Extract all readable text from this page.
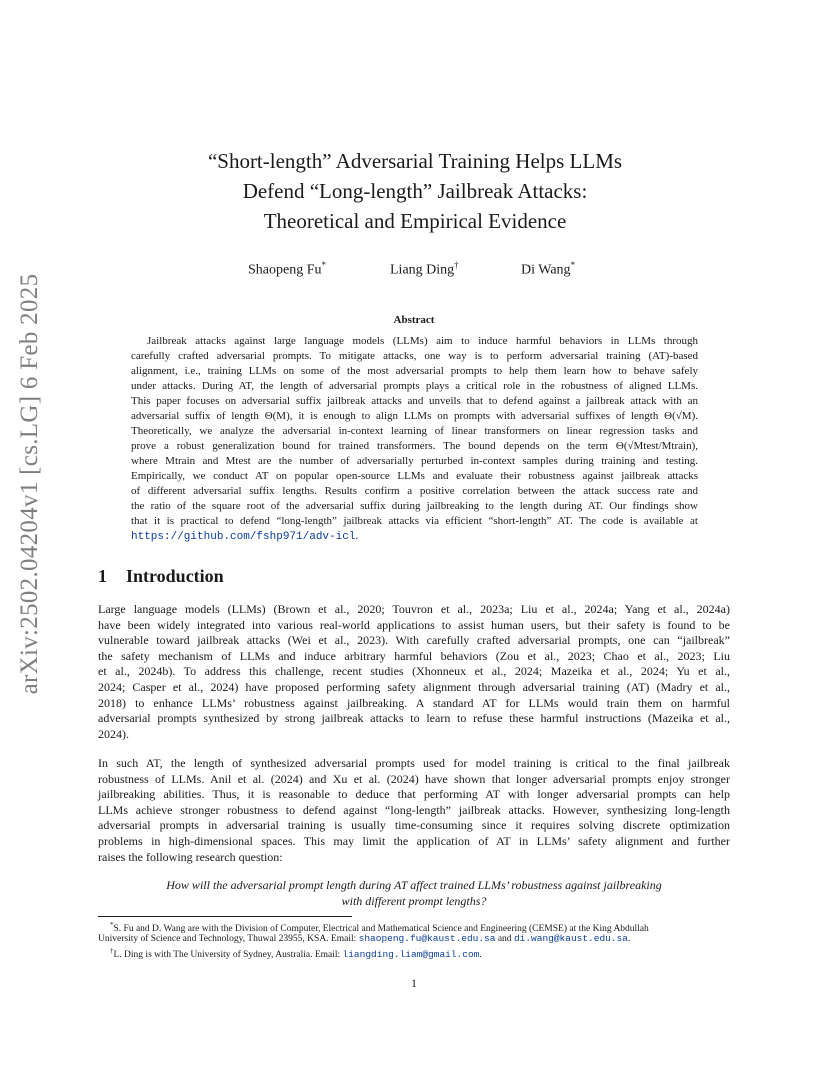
arXiv:2502.04204v1 [cs.LG] 6 Feb 2025
“Short-length” Adversarial Training Helps LLMs
Defend “Long-length” Jailbreak Attacks:
Theoretical and Empirical Evidence
Shaopeng Fu*	Liang Ding†	Di Wang*
Abstract
Jailbreak attacks against large language models (LLMs) aim to induce harmful behaviors in LLMs through
carefully crafted adversarial prompts. To mitigate attacks, one way is to perform adversarial training (AT)-based
alignment, i.e., training LLMs on some of the most adversarial prompts to help them learn how to behave safely
under attacks. During AT, the length of adversarial prompts plays a critical role in the robustness of aligned LLMs.
This paper focuses on adversarial suffix jailbreak attacks and unveils that to defend against a jailbreak attack with an
adversarial suffix of length Θ(M), it is enough to align LLMs on prompts with adversarial suffixes of length Θ(√M).
Theoretically, we analyze the adversarial in-context learning of linear transformers on linear regression tasks and
prove a robust generalization bound for trained transformers. The bound depends on the term Θ(√Mtest/Mtrain),
where Mtrain and Mtest are the number of adversarially perturbed in-context samples during training and testing.
Empirically, we conduct AT on popular open-source LLMs and evaluate their robustness against jailbreak attacks
of different adversarial suffix lengths. Results confirm a positive correlation between the attack success rate and
the ratio of the square root of the adversarial suffix during jailbreaking to the length during AT. Our findings show
that it is practical to defend “long-length” jailbreak attacks via efficient “short-length” AT. The code is available at
https://github.com/fshp971/adv-icl.
1 Introduction
Large language models (LLMs) (Brown et al., 2020; Touvron et al., 2023a; Liu et al., 2024a; Yang et al., 2024a)
have been widely integrated into various real-world applications to assist human users, but their safety is found to be
vulnerable toward jailbreak attacks (Wei et al., 2023). With carefully crafted adversarial prompts, one can “jailbreak”
the safety mechanism of LLMs and induce arbitrary harmful behaviors (Zou et al., 2023; Chao et al., 2023; Liu
et al., 2024b). To address this challenge, recent studies (Xhonneux et al., 2024; Mazeika et al., 2024; Yu et al.,
2024; Casper et al., 2024) have proposed performing safety alignment through adversarial training (AT) (Madry et al.,
2018) to enhance LLMs’ robustness against jailbreaking. A standard AT for LLMs would train them on harmful
adversarial prompts synthesized by strong jailbreak attacks to learn to refuse these harmful instructions (Mazeika et al.,
2024).
In such AT, the length of synthesized adversarial prompts used for model training is critical to the final jailbreak
robustness of LLMs. Anil et al. (2024) and Xu et al. (2024) have shown that longer adversarial prompts enjoy stronger
jailbreaking abilities. Thus, it is reasonable to deduce that performing AT with longer adversarial prompts can help
LLMs achieve stronger robustness to defend against “long-length” jailbreak attacks. However, synthesizing long-length
adversarial prompts in adversarial training is usually time-consuming since it requires solving discrete optimization
problems in high-dimensional spaces. This may limit the application of AT in LLMs’ safety alignment and further
raises the following research question:
How will the adversarial prompt length during AT affect trained LLMs’ robustness against jailbreaking
with different prompt lengths?
*S. Fu and D. Wang are with the Division of Computer, Electrical and Mathematical Science and Engineering (CEMSE) at the King Abdullah
University of Science and Technology, Thuwal 23955, KSA. Email: shaopeng.fu@kaust.edu.sa and di.wang@kaust.edu.sa.
†L. Ding is with The University of Sydney, Australia. Email: liangding.liam@gmail.com.
1
